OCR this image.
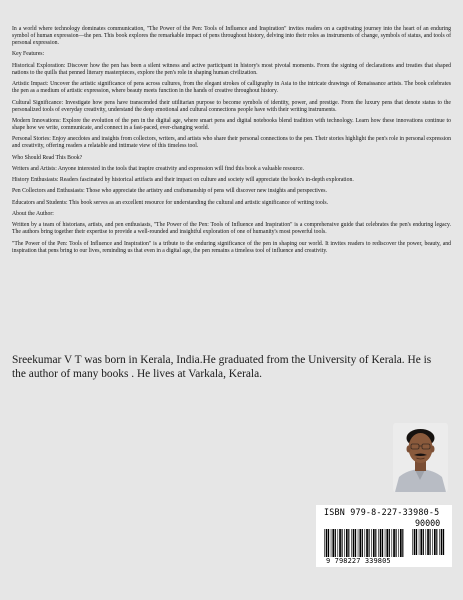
In a world where technology dominates communication, "The Power of the Pen: Tools of Influence and Inspiration" invites readers on a captivating journey into the heart of an enduring symbol of human expression—the pen. This book explores the remarkable impact of pens throughout history, delving into their roles as instruments of change, symbols of status, and tools of personal expression.

Key Features:

Historical Exploration: Discover how the pen has been a silent witness and active participant in history's most pivotal moments. From the signing of declarations and treaties that shaped nations to the quills that penned literary masterpieces, explore the pen's role in shaping human civilization.

Artistic Impact: Uncover the artistic significance of pens across cultures, from the elegant strokes of calligraphy in Asia to the intricate drawings of Renaissance artists. The book celebrates the pen as a medium of artistic expression, where beauty meets function in the hands of creative throughout history.

Cultural Significance: Investigate how pens have transcended their utilitarian purpose to become symbols of identity, power, and prestige. From the luxury pens that denote status to the personalized tools of everyday creativity, understand the deep emotional and cultural connections people have with their writing instruments.

Modern Innovations: Explore the evolution of the pen in the digital age, where smart pens and digital notebooks blend tradition with technology. Learn how these innovations continue to shape how we write, communicate, and connect in a fast-paced, ever-changing world.

Personal Stories: Enjoy anecdotes and insights from collectors, writers, and artists who share their personal connections to the pen. Their stories highlight the pen's role in personal expression and creativity, offering readers a relatable and intimate view of this timeless tool.

Who Should Read This Book?

Writers and Artists: Anyone interested in the tools that inspire creativity and expression will find this book a valuable resource.

History Enthusiasts: Readers fascinated by historical artifacts and their impact on culture and society will appreciate the book's in-depth exploration.

Pen Collectors and Enthusiasts: Those who appreciate the artistry and craftsmanship of pens will discover new insights and perspectives.

Educators and Students: This book serves as an excellent resource for understanding the cultural and artistic significance of writing tools.

About the Author:

Written by a team of historians, artists, and pen enthusiasts, "The Power of the Pen: Tools of Influence and Inspiration" is a comprehensive guide that celebrates the pen's enduring legacy. The authors bring together their expertise to provide a well-rounded and insightful exploration of one of humanity's most powerful tools.

"The Power of the Pen: Tools of Influence and Inspiration" is a tribute to the enduring significance of the pen in shaping our world. It invites readers to rediscover the power, beauty, and inspiration that pens bring to our lives, reminding us that even in a digital age, the pen remains a timeless tool of influence and creativity.

Sreekumar V T was born in Kerala, India.He graduated from the University of Kerala. He is the author of many books . He lives at Varkala, Kerala.
ISBN 979-8-227-33980-5
90000
9 798227 339805
